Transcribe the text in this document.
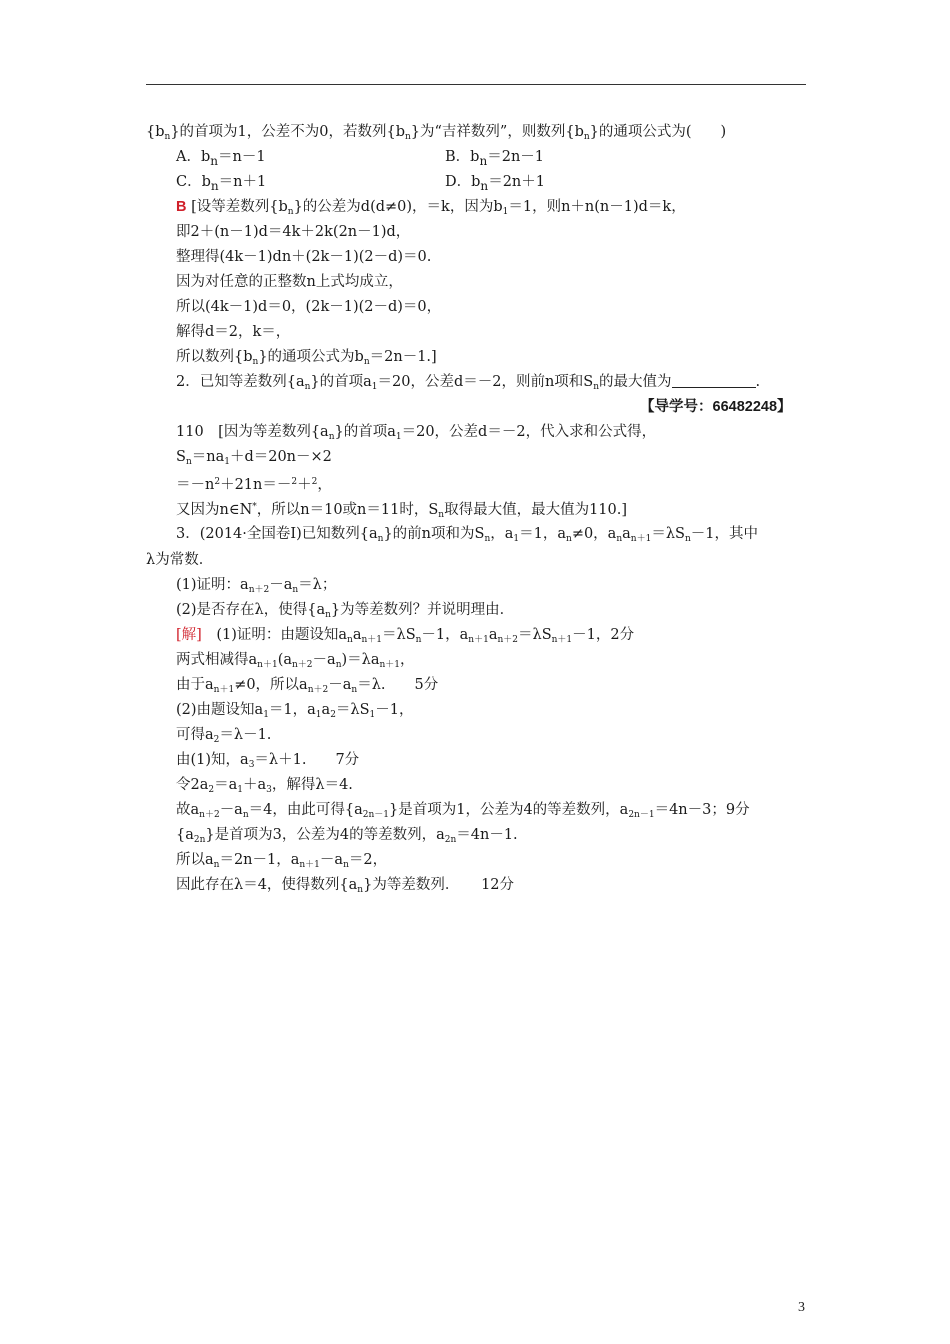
$\{b_n\}$的首项为1，公差不为0，若数列$\{b_n\}$为“吉祥数列”，则数列$\{b_n\}$的通项公式为(　　)
A．$b_n=n-1$	B．$b_n=2n-1$
C．$b_n=n+1$	D．$b_n=2n+1$
B [设等差数列$\{b_n\}$的公差为d(d≠0)，＝k，因为$b_1=1$，则n＋n(n－1)d＝k，
即2＋(n－1)d＝4k＋2k(2n－1)d，
整理得(4k－1)dn＋(2k－1)(2－d)＝0.
因为对任意的正整数n上式均成立，
所以(4k－1)d＝0，(2k－1)(2－d)＝0，
解得d＝2，k＝，
所以数列$\{b_n\}$的通项公式为$b_n=2n-1$.]
2．已知等差数列$\{a_n\}$的首项$a_1=20$，公差d＝－2，则前n项和$S_n$的最大值为	.
【导学号：66482248】
110　[因为等差数列$\{a_n\}$的首项$a_1=20$，公差d＝－2，代入求和公式得，
$S_n=na_1+d=20n-\times 2$
$=-n^2+21n=-^2+^2$，
又因为n∈N*，所以n＝10或n＝11时，$S_n$取得最大值，最大值为110.]
3．(2014·全国卷Ⅰ)已知数列$\{a_n\}$的前n项和为$S_n$，$a_1=1$，$a_n\ne 0$，$a_na_{n+1}=\lambda S_n-1$，其中
λ为常数．
(1)证明：$a_{n+2}-a_n=\lambda$；
(2)是否存在λ，使得$\{a_n\}$为等差数列？并说明理由．
[解]　(1)证明：由题设知$a_na_{n+1}=\lambda S_n-1$，$a_{n+1}a_{n+2}=\lambda S_{n+1}-1$，2分
两式相减得$a_{n+1}(a_{n+2}-a_n)=\lambda a_{n+1}$，
由于$a_{n+1}\ne 0$，所以$a_{n+2}-a_n=\lambda$.　　5分
(2)由题设知$a_1=1$，$a_1a_2=\lambda S_1-1$，
可得$a_2=\lambda-1$.
由(1)知，$a_3=\lambda+1$.　　7分
令$2a_2=a_1+a_3$，解得λ＝4.
故$a_{n+2}-a_n=4$，由此可得$\{a_{2n-1}\}$是首项为1，公差为4的等差数列，$a_{2n-1}=4n-3$；9分
$\{a_{2n}\}$是首项为3，公差为4的等差数列，$a_{2n}=4n-1$.
所以$a_n=2n-1$，$a_{n+1}-a_n=2$，
因此存在λ＝4，使得数列$\{a_n\}$为等差数列．　　12分
3
